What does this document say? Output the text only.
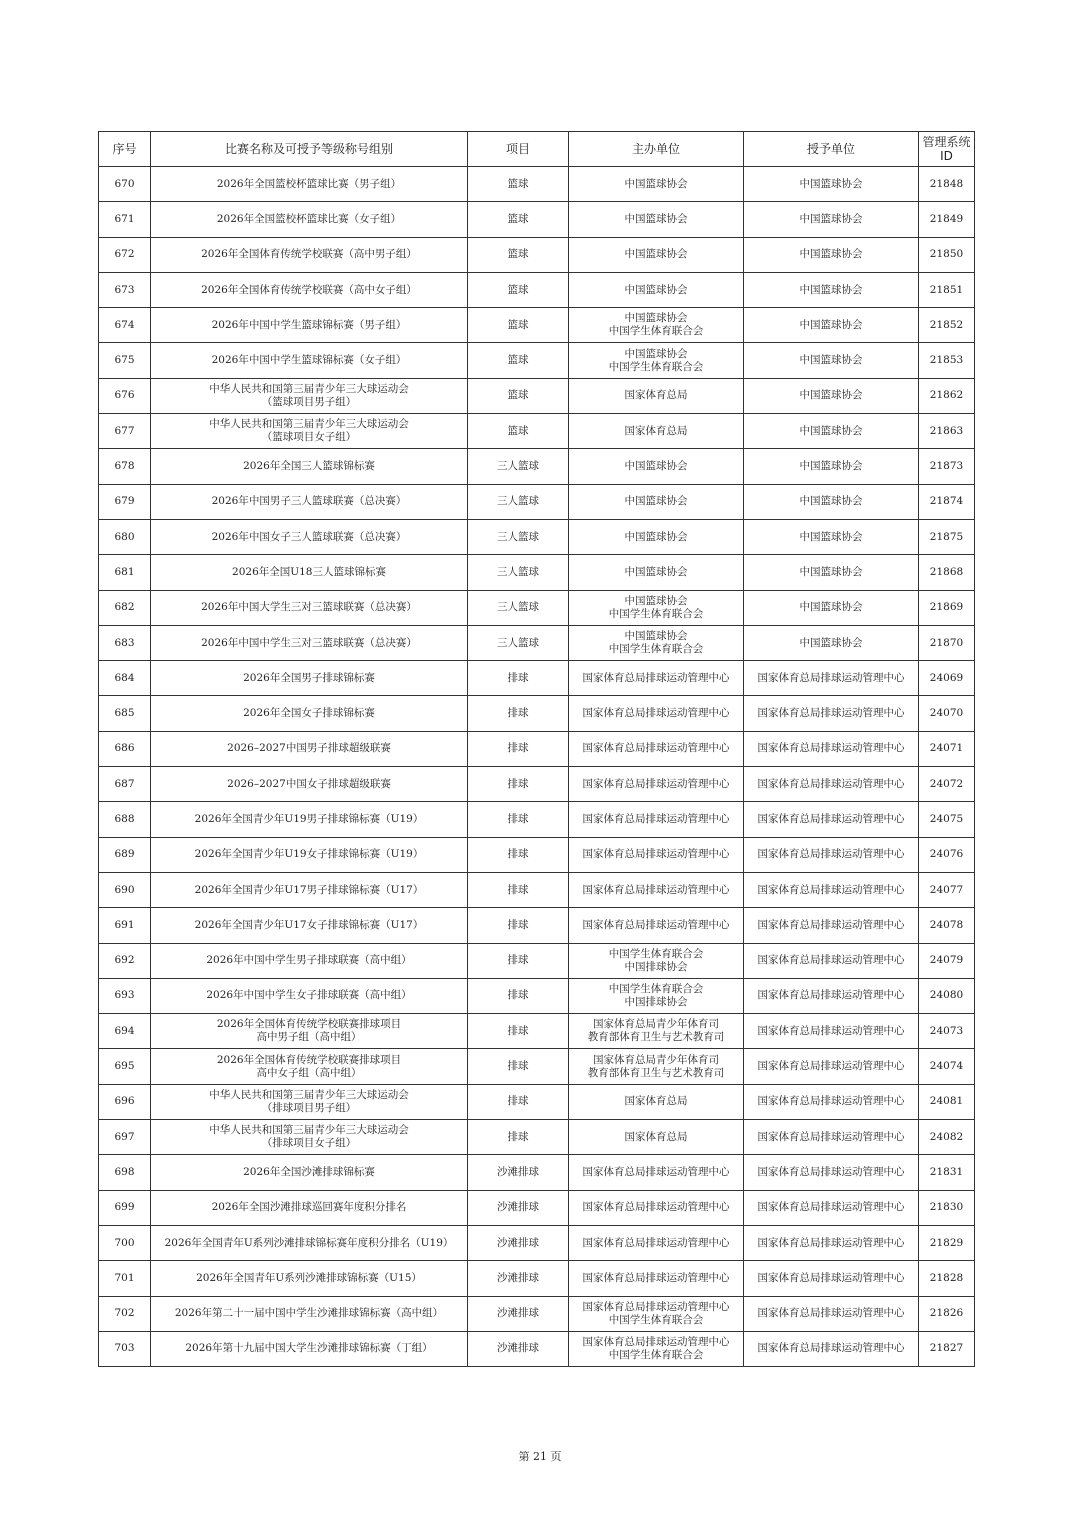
序号	比赛名称及可授予等级称号组别	项目	主办单位	授予单位	管理系统
ID

670	2026年全国篮校杯篮球比赛（男子组）	篮球	中国篮球协会	中国篮球协会	21848
671	2026年全国篮校杯篮球比赛（女子组）	篮球	中国篮球协会	中国篮球协会	21849
672	2026年全国体育传统学校联赛（高中男子组）	篮球	中国篮球协会	中国篮球协会	21850
673	2026年全国体育传统学校联赛（高中女子组）	篮球	中国篮球协会	中国篮球协会	21851
674	2026年中国中学生篮球锦标赛（男子组）	篮球	中国篮球协会
中国学生体育联合会	中国篮球协会	21852
675	2026年中国中学生篮球锦标赛（女子组）	篮球	中国篮球协会
中国学生体育联合会	中国篮球协会	21853
676	中华人民共和国第三届青少年三大球运动会
（篮球项目男子组）	篮球	国家体育总局	中国篮球协会	21862
677	中华人民共和国第三届青少年三大球运动会
（篮球项目女子组）	篮球	国家体育总局	中国篮球协会	21863
678	2026年全国三人篮球锦标赛	三人篮球	中国篮球协会	中国篮球协会	21873
679	2026年中国男子三人篮球联赛（总决赛）	三人篮球	中国篮球协会	中国篮球协会	21874
680	2026年中国女子三人篮球联赛（总决赛）	三人篮球	中国篮球协会	中国篮球协会	21875
681	2026年全国U18三人篮球锦标赛	三人篮球	中国篮球协会	中国篮球协会	21868
682	2026年中国大学生三对三篮球联赛（总决赛）	三人篮球	中国篮球协会
中国学生体育联合会	中国篮球协会	21869
683	2026年中国中学生三对三篮球联赛（总决赛）	三人篮球	中国篮球协会
中国学生体育联合会	中国篮球协会	21870
684	2026年全国男子排球锦标赛	排球	国家体育总局排球运动管理中心	国家体育总局排球运动管理中心	24069
685	2026年全国女子排球锦标赛	排球	国家体育总局排球运动管理中心	国家体育总局排球运动管理中心	24070
686	2026–2027中国男子排球超级联赛	排球	国家体育总局排球运动管理中心	国家体育总局排球运动管理中心	24071
687	2026–2027中国女子排球超级联赛	排球	国家体育总局排球运动管理中心	国家体育总局排球运动管理中心	24072
688	2026年全国青少年U19男子排球锦标赛（U19）	排球	国家体育总局排球运动管理中心	国家体育总局排球运动管理中心	24075
689	2026年全国青少年U19女子排球锦标赛（U19）	排球	国家体育总局排球运动管理中心	国家体育总局排球运动管理中心	24076
690	2026年全国青少年U17男子排球锦标赛（U17）	排球	国家体育总局排球运动管理中心	国家体育总局排球运动管理中心	24077
691	2026年全国青少年U17女子排球锦标赛（U17）	排球	国家体育总局排球运动管理中心	国家体育总局排球运动管理中心	24078
692	2026年中国中学生男子排球联赛（高中组）	排球	中国学生体育联合会
中国排球协会	国家体育总局排球运动管理中心	24079
693	2026年中国中学生女子排球联赛（高中组）	排球	中国学生体育联合会
中国排球协会	国家体育总局排球运动管理中心	24080
694	2026年全国体育传统学校联赛排球项目
高中男子组（高中组）	排球	国家体育总局青少年体育司
教育部体育卫生与艺术教育司	国家体育总局排球运动管理中心	24073
695	2026年全国体育传统学校联赛排球项目
高中女子组（高中组）	排球	国家体育总局青少年体育司
教育部体育卫生与艺术教育司	国家体育总局排球运动管理中心	24074
696	中华人民共和国第三届青少年三大球运动会
（排球项目男子组）	排球	国家体育总局	国家体育总局排球运动管理中心	24081
697	中华人民共和国第三届青少年三大球运动会
（排球项目女子组）	排球	国家体育总局	国家体育总局排球运动管理中心	24082
698	2026年全国沙滩排球锦标赛	沙滩排球	国家体育总局排球运动管理中心	国家体育总局排球运动管理中心	21831
699	2026年全国沙滩排球巡回赛年度积分排名	沙滩排球	国家体育总局排球运动管理中心	国家体育总局排球运动管理中心	21830
700	2026年全国青年U系列沙滩排球锦标赛年度积分排名（U19）	沙滩排球	国家体育总局排球运动管理中心	国家体育总局排球运动管理中心	21829
701	2026年全国青年U系列沙滩排球锦标赛（U15）	沙滩排球	国家体育总局排球运动管理中心	国家体育总局排球运动管理中心	21828
702	2026年第二十一届中国中学生沙滩排球锦标赛（高中组）	沙滩排球	国家体育总局排球运动管理中心
中国学生体育联合会	国家体育总局排球运动管理中心	21826
703	2026年第十九届中国大学生沙滩排球锦标赛（丁组）	沙滩排球	国家体育总局排球运动管理中心
中国学生体育联合会	国家体育总局排球运动管理中心	21827
第 21 页
